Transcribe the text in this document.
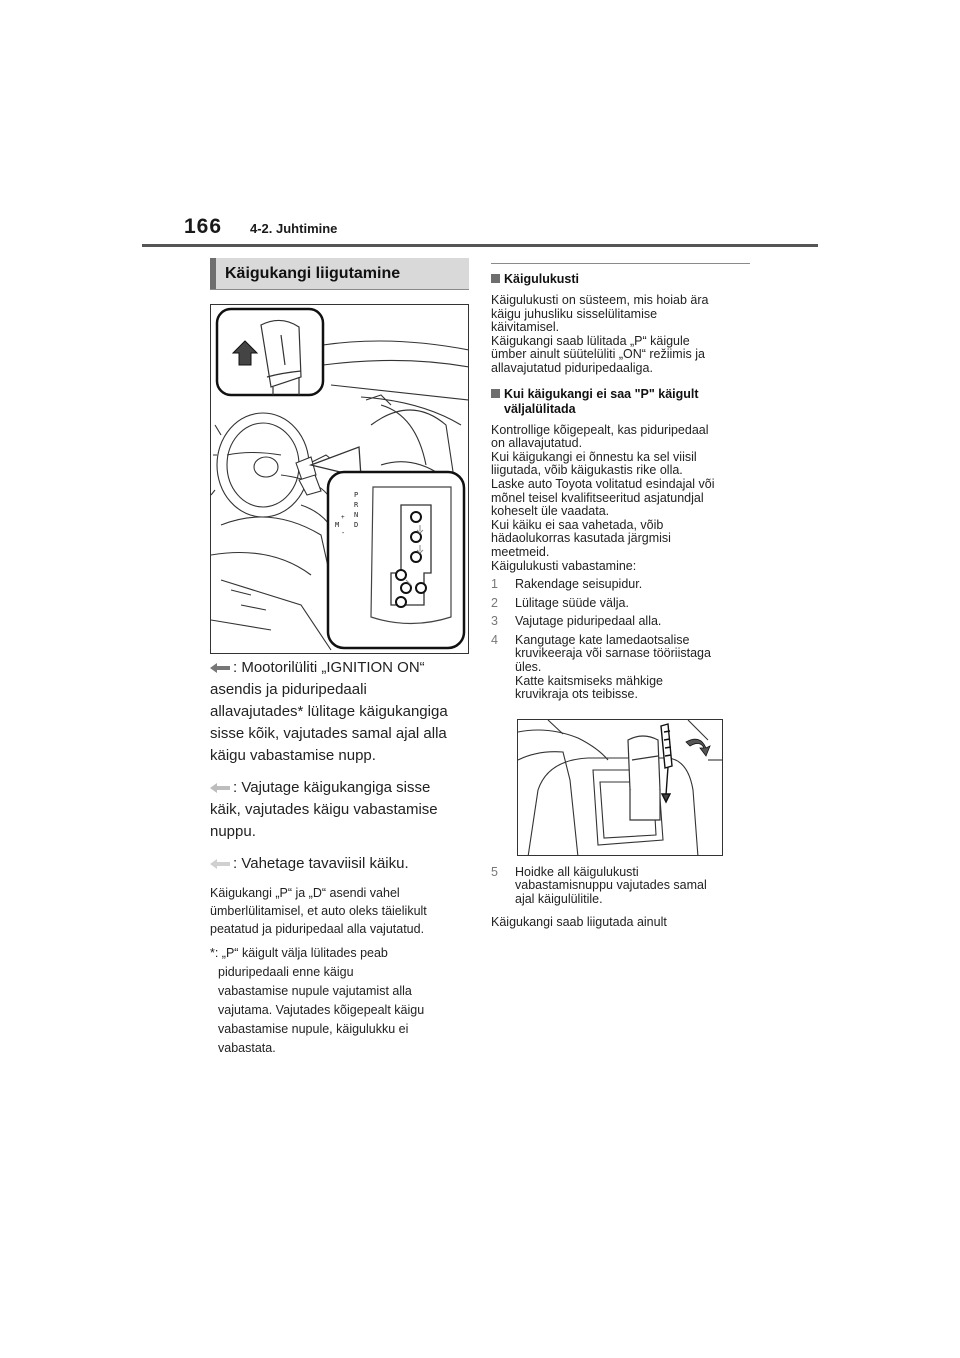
166 4-2. Juhtimine
Käigukangi liigutamine
P
R
N
D
+
M
-
: Mootorilüliti „IGNITION ON“
asendis ja piduripedaali
allavajutades* lülitage käigukangiga
sisse kõik, vajutades samal ajal alla
käigu vabastamise nupp.
: Vajutage käigukangiga sisse
käik, vajutades käigu vabastamise
nuppu.
: Vahetage tavaviisil käiku.
Käigukangi „P“ ja „D“ asendi vahel
ümberlülitamisel, et auto oleks täielikult
peatatud ja piduripedaal alla vajutatud.
*: „P“ käigult välja lülitades peab
piduripedaali enne käigu
vabastamise nupule vajutamist alla
vajutama. Vajutades kõigepealt käigu
vabastamise nupule, käigulukku ei
vabastata.
Käigulukusti
Käigulukusti on süsteem, mis hoiab ära
käigu juhusliku sisselülitamise
käivitamisel.
Käigukangi saab lülitada „P“ käigule
ümber ainult süütelüliti „ON“ režiimis ja
allavajutatud piduripedaaliga.
Kui käigukangi ei saa "P" käigult
väljalülitada
Kontrollige kõigepealt, kas piduripedaal
on allavajutatud.
Kui käigukangi ei õnnestu ka sel viisil
liigutada, võib käigukastis rike olla.
Laske auto Toyota volitatud esindajal või
mõnel teisel kvalifitseeritud asjatundjal
koheselt üle vaadata.
Kui käiku ei saa vahetada, võib
hädaolukorras kasutada järgmisi
meetmeid.
Käigulukusti vabastamine:
1 Rakendage seisupidur.
2 Lülitage süüde välja.
3 Vajutage piduripedaal alla.
4 Kangutage kate lamedaotsalise
kruvikeeraja või sarnase tööriistaga
üles.
Katte kaitsmiseks mähkige
kruvikraja ots teibisse.
5 Hoidke all käigulukusti
vabastamisnuppu vajutades samal
ajal käigulülitile.
Käigukangi saab liigutada ainult
